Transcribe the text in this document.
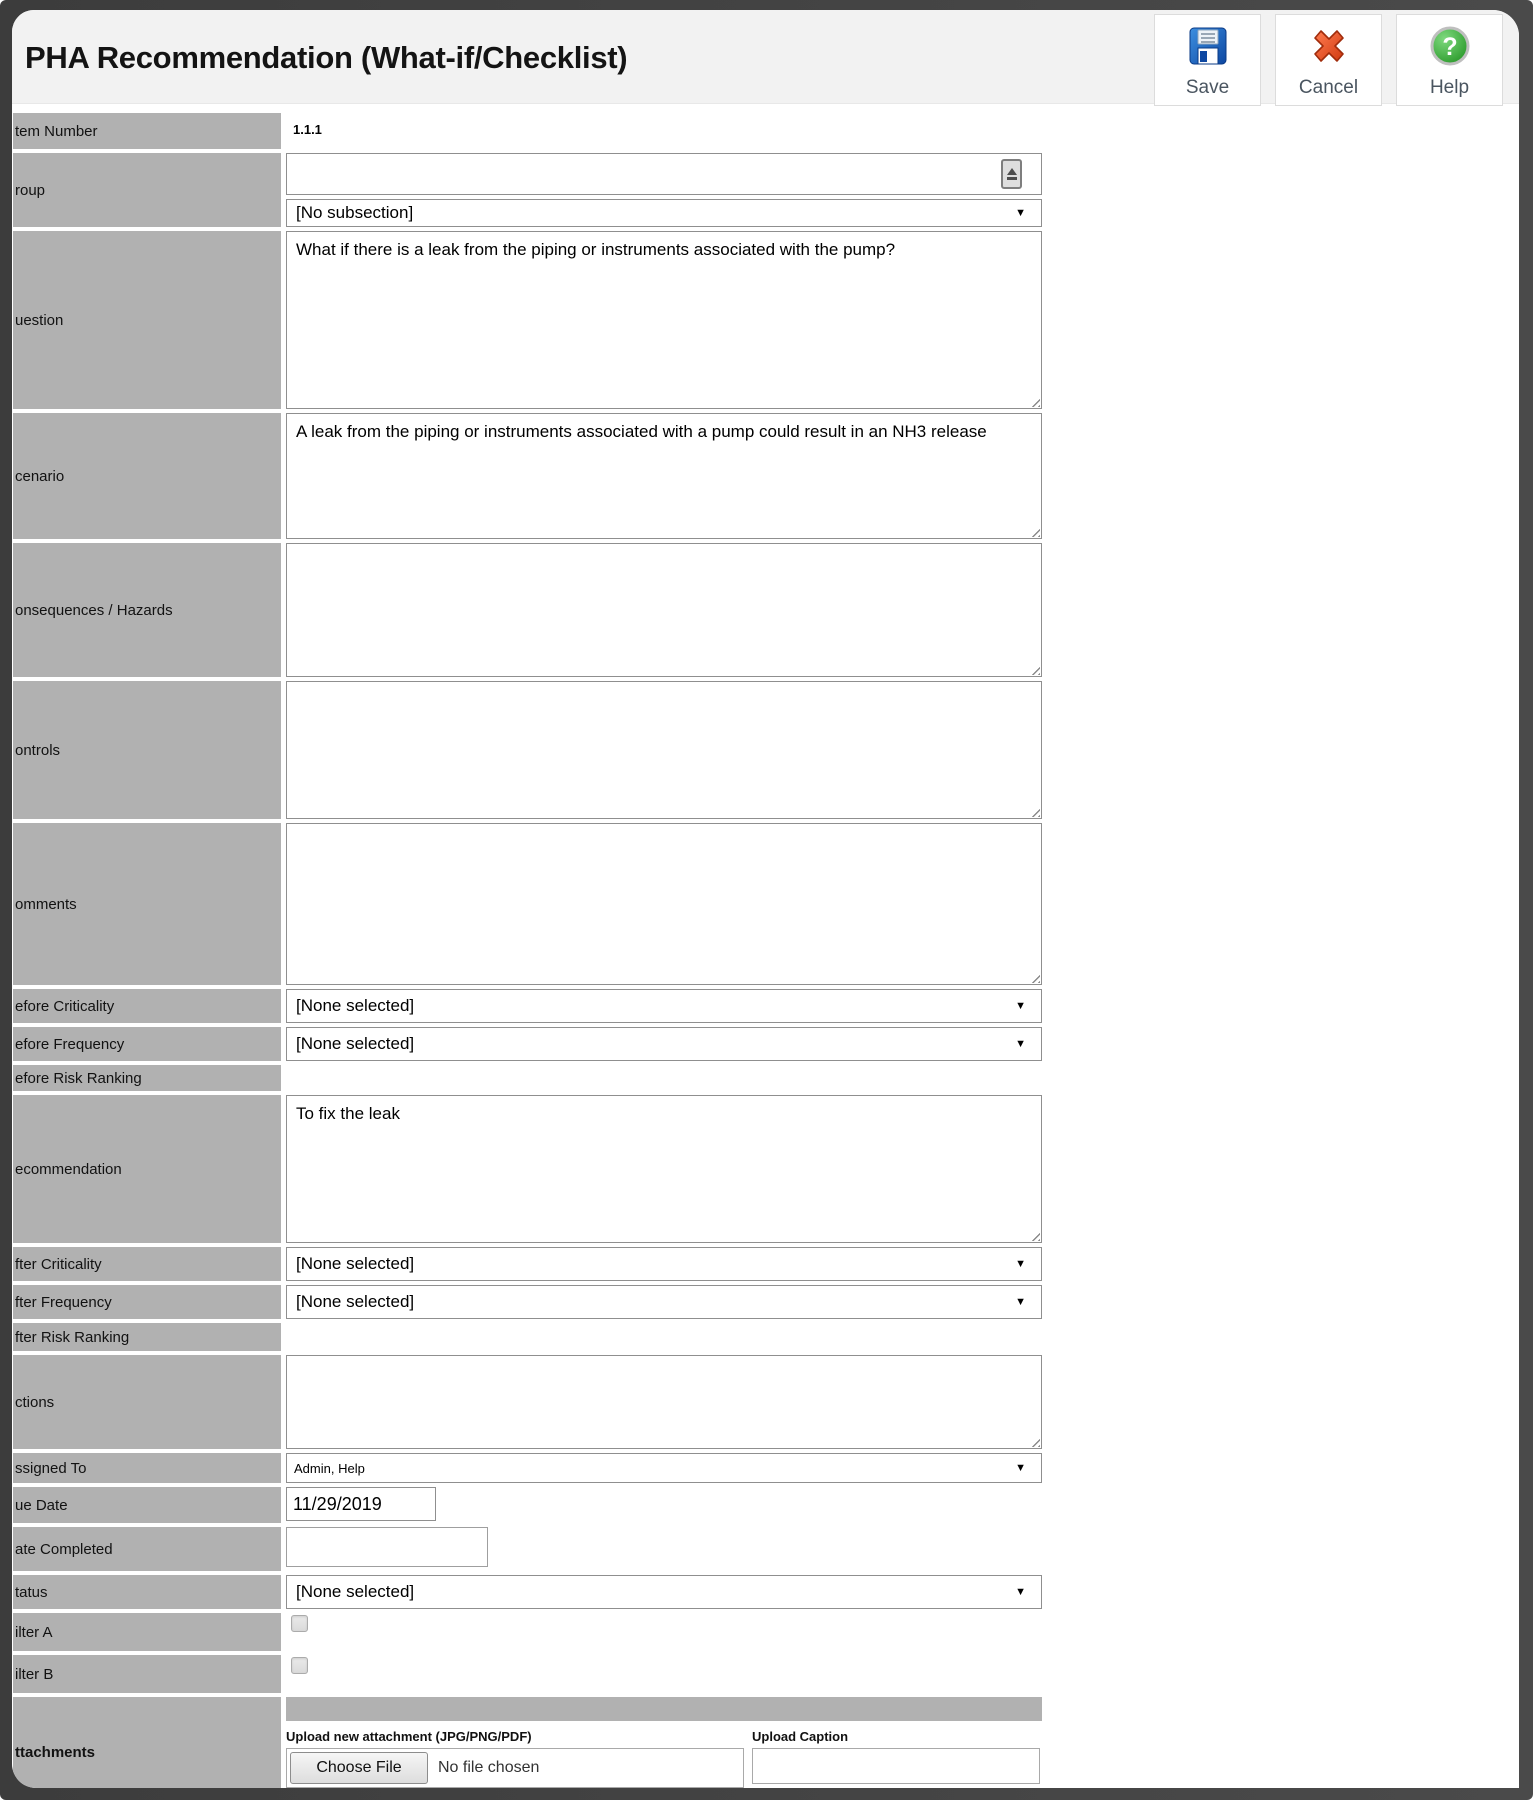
PHA Recommendation (What-if/Checklist)
Save	Cancel
?
Help
tem Number	1.1.1
roup
[No subsection]	▼
uestion
What if there is a leak from the piping or instruments associated with the pump?
cenario
A leak from the piping or instruments associated with a pump could result in an NH3 release
onsequences / Hazards
ontrols
omments
efore Criticality	[None selected]	▼
efore Frequency	[None selected]	▼
efore Risk Ranking
ecommendation
To fix the leak
fter Criticality	[None selected]	▼
fter Frequency	[None selected]	▼
fter Risk Ranking
ctions
ssigned To	Admin, Help	▼
ue Date
11/29/2019
ate Completed
tatus	[None selected]	▼
ilter A
ilter B
ttachments
Upload new attachment (JPG/PNG/PDF)
Choose File	No file chosen
Upload Caption
